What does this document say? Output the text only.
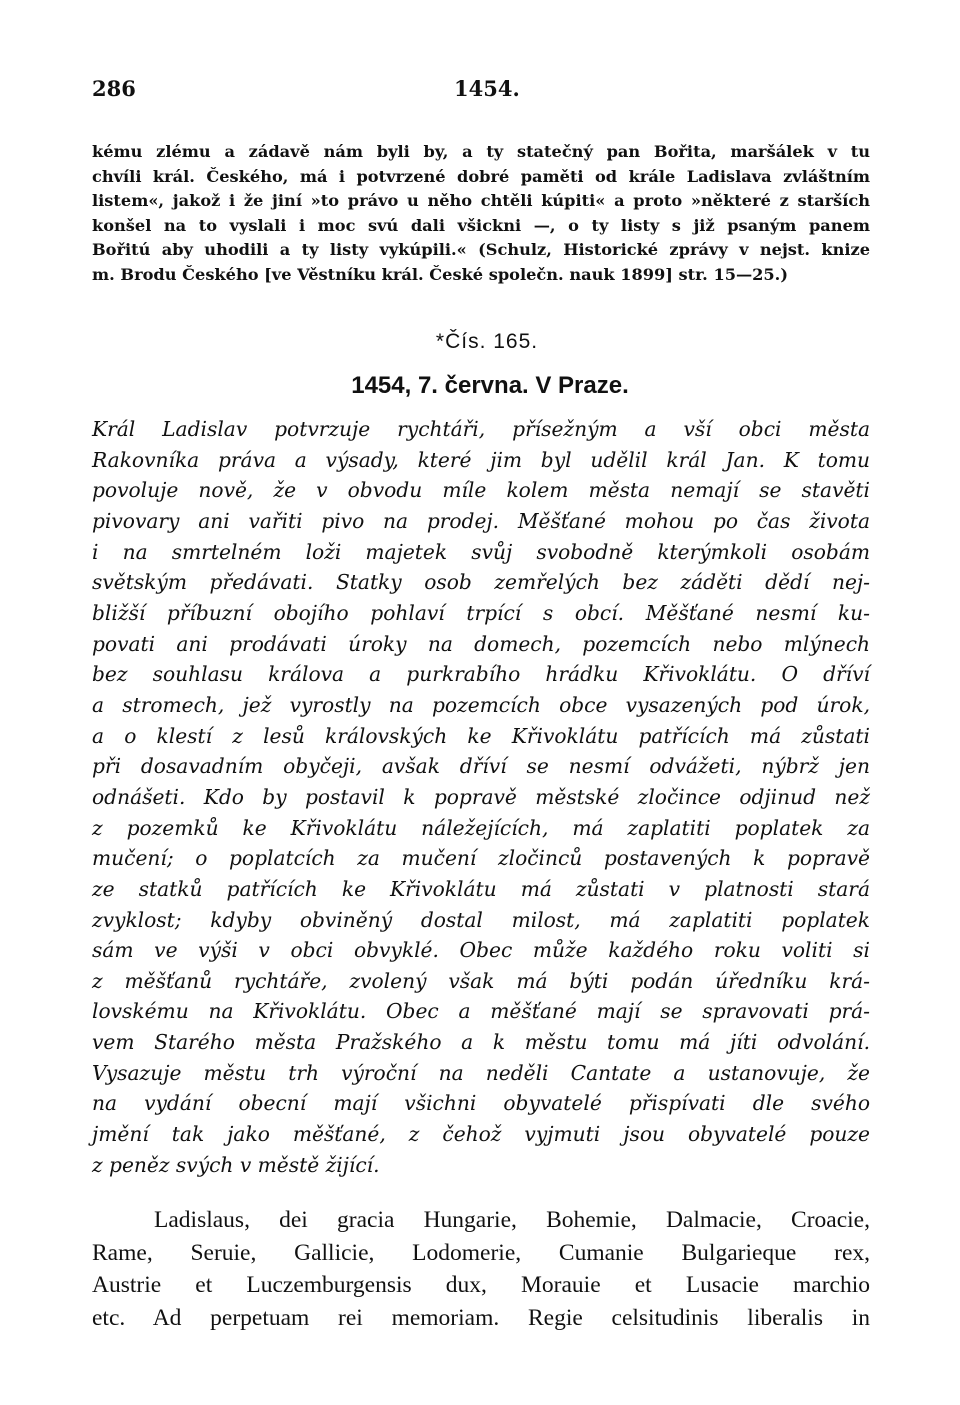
286	1454.
kému zlému a zádavě nám byli by, a ty statečný pan Bořita, maršálek v tu
chvíli král. Českého, má i potvrzené dobré paměti od krále Ladislava zvláštním
listem«, jakož i že jiní »to právo u něho chtěli kúpiti« a proto »některé z starších
konšel na to vyslali i moc svú dali všickni —, o ty listy s již psaným panem
Bořitú aby uhodili a ty listy vykúpili.« (Schulz, Historické zprávy v nejst. knize
m. Brodu Českého [ve Věstníku král. České společn. nauk 1899] str. 15—25.)
*Čís. 165.
1454, 7. června. V Praze.
Král Ladislav potvrzuje rychtáři, přísežným a vší obci města
Rakovníka práva a výsady, které jim byl udělil král Jan. K tomu
povoluje nově, že v obvodu míle kolem města nemají se stavěti
pivovary ani vařiti pivo na prodej. Měšťané mohou po čas života
i na smrtelném loži majetek svůj svobodně kterýmkoli osobám
světským předávati. Statky osob zemřelých bez záděti dědí nej-
bližší příbuzní obojího pohlaví trpící s obcí. Měšťané nesmí ku-
povati ani prodávati úroky na domech, pozemcích nebo mlýnech
bez souhlasu králova a purkrabího hrádku Křivoklátu. O dříví
a stromech, jež vyrostly na pozemcích obce vysazených pod úrok,
a o klestí z lesů královských ke Křivoklátu patřících má zůstati
při dosavadním obyčeji, avšak dříví se nesmí odvážeti, nýbrž jen
odnášeti. Kdo by postavil k popravě městské zločince odjinud než
z pozemků ke Křivoklátu náležejících, má zaplatiti poplatek za
mučení; o poplatcích za mučení zločinců postavených k popravě
ze statků patřících ke Křivoklátu má zůstati v platnosti stará
zvyklost; kdyby obviněný dostal milost, má zaplatiti poplatek
sám ve výši v obci obvyklé. Obec může každého roku voliti si
z měšťanů rychtáře, zvolený však má býti podán úředníku krá-
lovskému na Křivoklátu. Obec a měšťané mají se spravovati prá-
vem Starého města Pražského a k městu tomu má jíti odvolání.
Vysazuje městu trh výroční na neděli Cantate a ustanovuje, že
na vydání obecní mají všichni obyvatelé přispívati dle svého
jmění tak jako měšťané, z čehož vyjmuti jsou obyvatelé pouze
z peněz svých v městě žijící.
Ladislaus, dei gracia Hungarie, Bohemie, Dalmacie, Croacie,
Rame, Seruie, Gallicie, Lodomerie, Cumanie Bulgarieque rex,
Austrie et Luczemburgensis dux, Morauie et Lusacie marchio
etc. Ad perpetuam rei memoriam. Regie celsitudinis liberalis in
